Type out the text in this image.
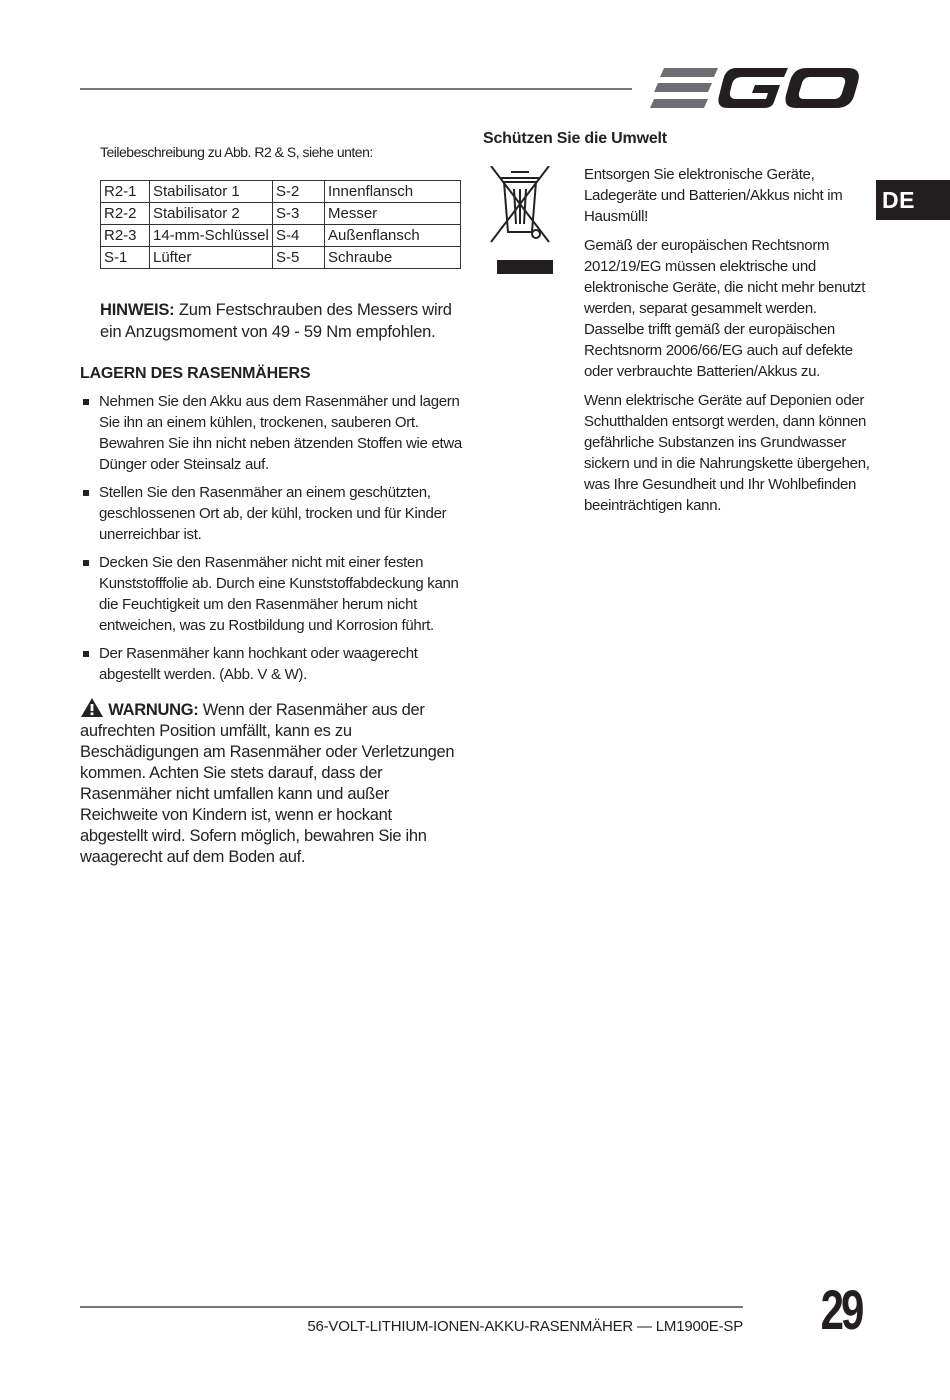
DE

Teilebeschreibung zu Abb. R2 & S, siehe unten:

R2-1	Stabilisator 1	S-2	Innenflansch
R2-2	Stabilisator 2	S-3	Messer
R2-3	14-mm-Schlüssel	S-4	Außenflansch
S-1	Lüfter	S-5	Schraube

HINWEIS: Zum Festschrauben des Messers wird ein Anzugsmoment von 49 - 59 Nm empfohlen.

LAGERN DES RASENMÄHERS
Nehmen Sie den Akku aus dem Rasenmäher und lagern Sie ihn an einem kühlen, trockenen, sauberen Ort. Bewahren Sie ihn nicht neben ätzenden Stoffen wie etwa Dünger oder Steinsalz auf.
Stellen Sie den Rasenmäher an einem geschützten, geschlossenen Ort ab, der kühl, trocken und für Kinder unerreichbar ist.
Decken Sie den Rasenmäher nicht mit einer festen Kunststofffolie ab. Durch eine Kunststoffabdeckung kann die Feuchtigkeit um den Rasenmäher herum nicht entweichen, was zu Rostbildung und Korrosion führt.
Der Rasenmäher kann hochkant oder waagerecht abgestellt werden. (Abb. V & W).

WARNUNG: Wenn der Rasenmäher aus der aufrechten Position umfällt, kann es zu Beschädigungen am Rasenmäher oder Verletzungen kommen. Achten Sie stets darauf, dass der Rasenmäher nicht umfallen kann und außer Reichweite von Kindern ist, wenn er hockant abgestellt wird. Sofern möglich, bewahren Sie ihn waagerecht auf dem Boden auf.

Schützen Sie die Umwelt

Entsorgen Sie elektronische Geräte, Ladegeräte und Batterien/Akkus nicht im Hausmüll!

Gemäß der europäischen Rechtsnorm 2012/19/EG müssen elektrische und elektronische Geräte, die nicht mehr benutzt werden, separat gesammelt werden. Dasselbe trifft gemäß der europäischen Rechtsnorm 2006/66/EG auch auf defekte oder verbrauchte Batterien/Akkus zu.

Wenn elektrische Geräte auf Deponien oder Schutthalden entsorgt werden, dann können gefährliche Substanzen ins Grundwasser sickern und in die Nahrungskette übergehen, was Ihre Gesundheit und Ihr Wohlbefinden beeinträchtigen kann.

56-VOLT-LITHIUM-IONEN-AKKU-RASENMÄHER — LM1900E-SP 29
